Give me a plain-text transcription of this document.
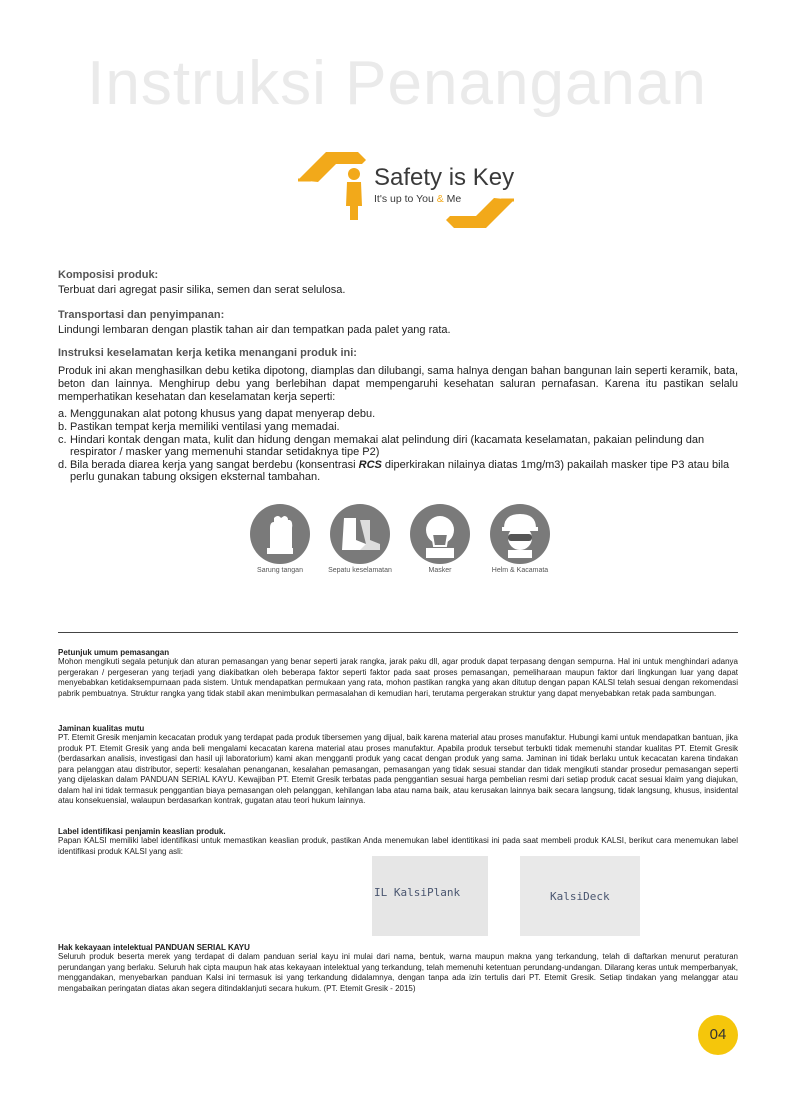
Instruksi Penanganan
Safety is Key
It's up to You & Me
Komposisi produk:
Terbuat dari agregat pasir silika, semen dan serat selulosa.
Transportasi dan penyimpanan:
Lindungi lembaran dengan plastik tahan air dan tempatkan pada palet yang rata.
Instruksi keselamatan kerja ketika menangani produk ini:
Produk ini akan menghasilkan debu ketika dipotong, diamplas dan dilubangi, sama halnya dengan bahan bangunan lain seperti keramik, bata, beton dan lainnya. Menghirup debu yang berlebihan dapat mempengaruhi kesehatan saluran pernafasan. Karena itu pastikan selalu memperhatikan kesehatan dan keselamatan kerja seperti:
a. Menggunakan alat potong khusus yang dapat menyerap debu.
b. Pastikan tempat kerja memiliki ventilasi yang memadai.
c. Hindari kontak dengan mata, kulit dan hidung dengan memakai alat pelindung diri (kacamata keselamatan, pakaian pelindung dan respirator / masker yang memenuhi standar setidaknya tipe P2)
d. Bila berada diarea kerja yang sangat berdebu (konsentrasi RCS diperkirakan nilainya diatas 1mg/m3) pakailah masker tipe P3 atau bila perlu gunakan tabung oksigen eksternal tambahan.
Sarung tangan	Sepatu keselamatan	Masker	Helm & Kacamata
Petunjuk umum pemasangan
Mohon mengikuti segala petunjuk dan aturan pemasangan yang benar seperti jarak rangka, jarak paku dll, agar produk dapat terpasang dengan sempurna. Hal ini untuk menghindari adanya pergerakan / pergeseran yang terjadi yang diakibatkan oleh beberapa faktor seperti faktor pada saat proses pemasangan, pemeliharaan maupun faktor dari lingkungan luar yang dapat menyebabkan ketidaksempurnaan pada sistem. Untuk mendapatkan permukaan yang rata, mohon pastikan rangka yang akan ditutup dengan papan KALSI telah sesuai dengan rekomendasi pabrik pembuatnya. Struktur rangka yang tidak stabil akan menimbulkan permasalahan di kemudian hari, terutama pergerakan struktur yang dapat menyebabkan retak pada sambungan.
Jaminan kualitas mutu
PT. Etemit Gresik menjamin kecacatan produk yang terdapat pada produk tibersemen yang dijual, baik karena material atau proses manufaktur. Hubungi kami untuk mendapatkan bantuan, jika produk PT. Etemit Gresik yang anda beli mengalami kecacatan karena material atau proses manufaktur. Apabila produk tersebut terbukti tidak memenuhi standar kualitas PT. Etemit Gresik (berdasarkan analisis, investigasi dan hasil uji laboratorium) kami akan mengganti produk yang cacat dengan produk yang sama. Jaminan ini tidak berlaku untuk kecacatan karena tindakan para pelanggan atau distributor, seperti: kesalahan penanganan, kesalahan pemasangan, pemasangan yang tidak sesuai standar dan tidak mengikuti standar prosedur pemasangan seperti yang dijelaskan dalam PANDUAN SERIAL KAYU. Kewajiban PT. Etemit Gresik terbatas pada penggantian sesuai harga pembelian resmi dari setiap produk cacat sesuai klaim yang diajukan, dalam hal ini tidak termasuk penggantian biaya pemasangan oleh pelanggan, kehilangan laba atau nama baik, atau kerusakan lainnya baik secara langsung, tidak langsung, khusus, insidental atau konsekuensial, walaupun berdasarkan kontrak, gugatan atau teori hukum lainnya.
Label identifikasi penjamin keaslian produk.
Papan KALSI memiliki label identifikasi untuk memastikan keaslian produk, pastikan Anda menemukan label identitikasi ini pada saat membeli produk KALSI, berikut cara menemukan label identifikasi produk KALSI yang asli:
IL KalsiPlank	KalsiDeck
Hak kekayaan intelektual PANDUAN SERIAL KAYU
Seluruh produk beserta merek yang terdapat di dalam panduan serial kayu ini mulai dari nama, bentuk, warna maupun makna yang terkandung, telah di daftarkan menurut peraturan perundangan yang berlaku. Seluruh hak cipta maupun hak atas kekayaan intelektual yang terkandung, telah memenuhi ketentuan perundang-undangan. Dilarang keras untuk memperbanyak, menggandakan, menyebarkan panduan Kalsi ini termasuk isi yang terkandung didalamnya, dengan tanpa ada izin tertulis dari PT. Etemit Gresik. Setiap tindakan yang melanggar atau mengabaikan peringatan diatas akan segera ditindaklanjuti secara hukum. (PT. Etemit Gresik - 2015)
04
